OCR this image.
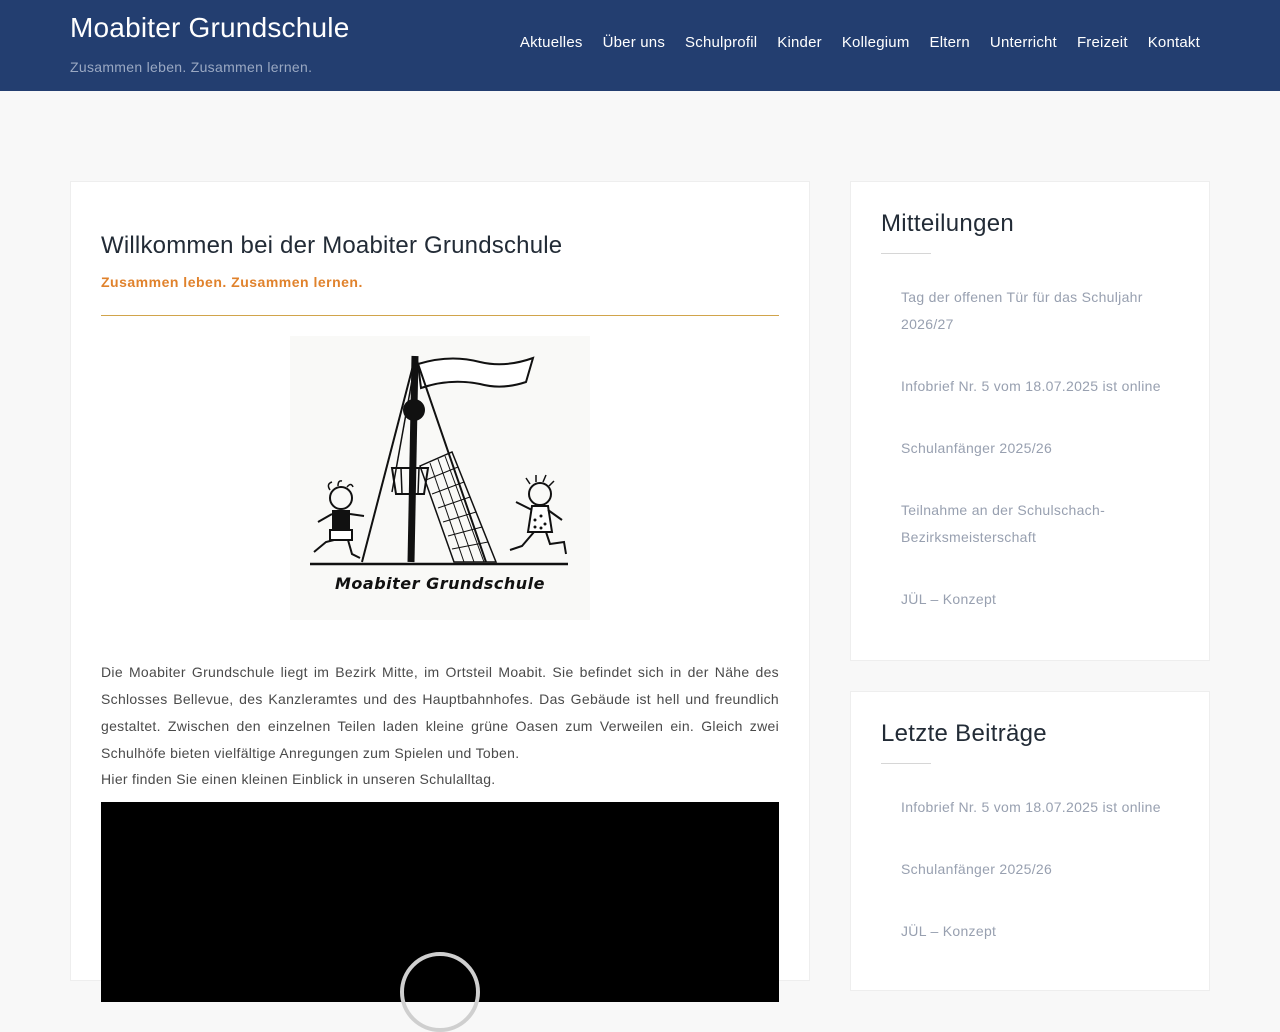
Moabiter Grundschule
Zusammen leben. Zusammen lernen.
Aktuelles	Über uns	Schulprofil	Kinder	Kollegium	Eltern	Unterricht	Freizeit	Kontakt
Willkommen bei der Moabiter Grundschule
Zusammen leben. Zusammen lernen.
Moabiter Grundschule

Die Moabiter Grundschule liegt im Bezirk Mitte, im Ortsteil Moabit. Sie befindet sich in der Nähe des Schlosses Bellevue, des Kanzleramtes und des Hauptbahnhofes. Das Gebäude ist hell und freundlich gestaltet. Zwischen den einzelnen Teilen laden kleine grüne Oasen zum Verweilen ein. Gleich zwei Schulhöfe bieten vielfältige Anregungen zum Spielen und Toben.

Hier finden Sie einen kleinen Einblick in unseren Schulalltag.

Mitteilungen
Tag der offenen Tür für das Schuljahr 2026/27
Infobrief Nr. 5 vom 18.07.2025 ist online
Schulanfänger 2025/26
Teilnahme an der Schulschach-Bezirksmeisterschaft
JÜL – Konzept
Letzte Beiträge
Infobrief Nr. 5 vom 18.07.2025 ist online
Schulanfänger 2025/26
JÜL – Konzept
